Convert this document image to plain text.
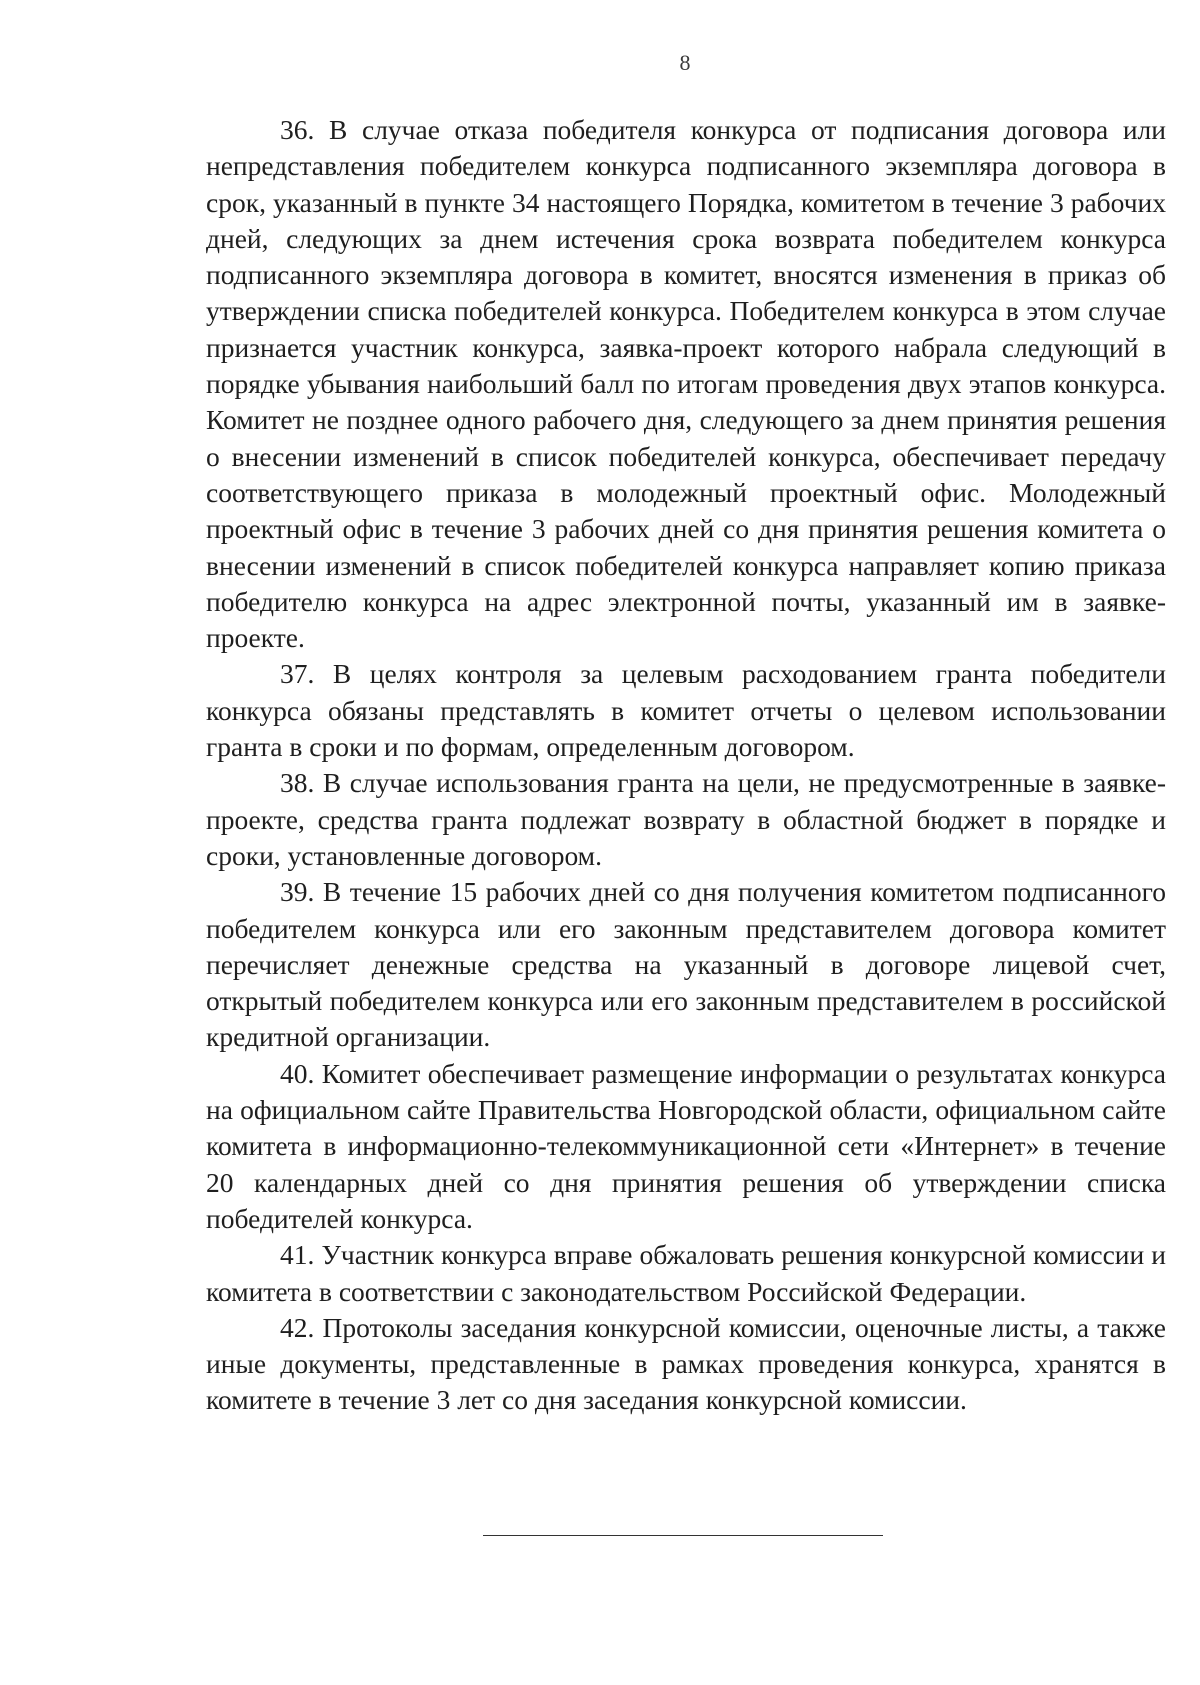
8

36. В случае отказа победителя конкурса от подписания договора или непредставления победителем конкурса подписанного экземпляра договора в срок, указанный в пункте 34 настоящего Порядка, комитетом в течение 3 рабочих дней, следующих за днем истечения срока возврата победителем конкурса подписанного экземпляра договора в комитет, вносятся изменения в приказ об утверждении списка победителей конкурса. Победителем конкурса в этом случае признается участник конкурса, заявка-проект которого набрала следующий в порядке убывания наибольший балл по итогам проведения двух этапов конкурса. Комитет не позднее одного рабочего дня, следующего за днем принятия решения о внесении изменений в список победителей конкурса, обеспечивает передачу соответствующего приказа в молодежный проектный офис. Молодежный проектный офис в течение 3 рабочих дней со дня принятия решения комитета о внесении изменений в список победителей конкурса направляет копию приказа победителю конкурса на адрес электронной почты, указанный им в заявке-проекте.

37. В целях контроля за целевым расходованием гранта победители конкурса обязаны представлять в комитет отчеты о целевом использовании гранта в сроки и по формам, определенным договором.

38. В случае использования гранта на цели, не предусмотренные в заявке-проекте, средства гранта подлежат возврату в областной бюджет в порядке и сроки, установленные договором.

39. В течение 15 рабочих дней со дня получения комитетом подписанного победителем конкурса или его законным представителем договора комитет перечисляет денежные средства на указанный в договоре лицевой счет, открытый победителем конкурса или его законным представителем в российской кредитной организации.

40. Комитет обеспечивает размещение информации о результатах конкурса на официальном сайте Правительства Новгородской области, официальном сайте комитета в информационно-телекоммуникационной сети «Интернет» в течение 20 календарных дней со дня принятия решения об утверждении списка победителей конкурса.

41. Участник конкурса вправе обжаловать решения конкурсной комиссии и комитета в соответствии с законодательством Российской Федерации.

42. Протоколы заседания конкурсной комиссии, оценочные листы, а также иные документы, представленные в рамках проведения конкурса, хранятся в комитете в течение 3 лет со дня заседания конкурсной комиссии.
